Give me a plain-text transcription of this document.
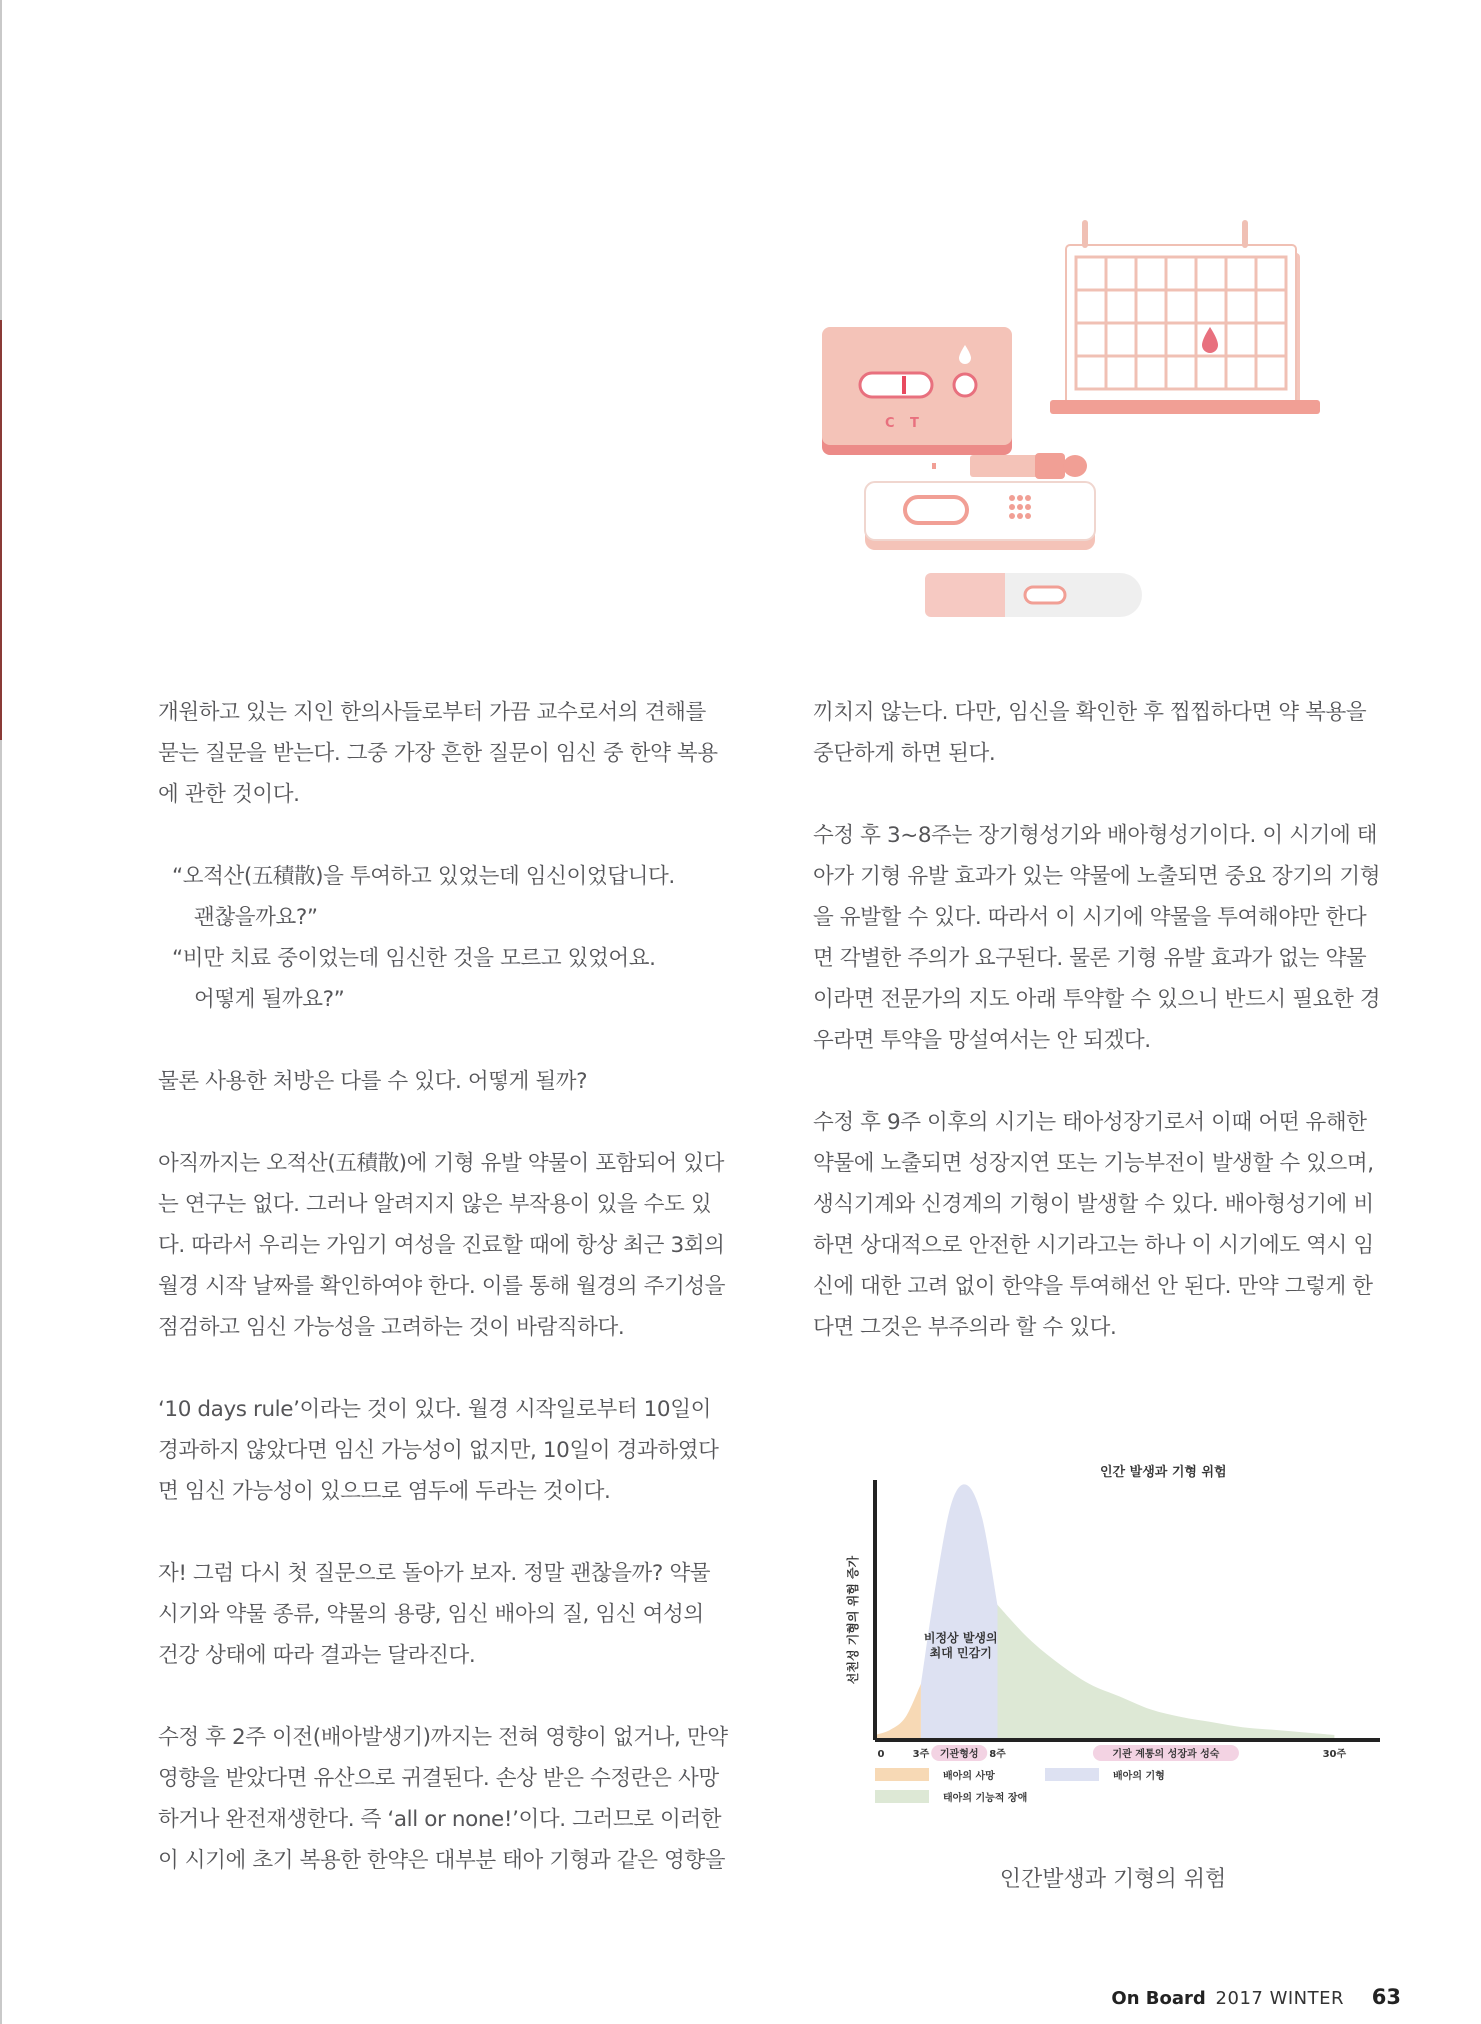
C T

개원하고 있는 지인 한의사들로부터 가끔 교수로서의 견해를

묻는 질문을 받는다. 그중 가장 흔한 질문이 임신 중 한약 복용

에 관한 것이다.

“오적산(五積散)을 투여하고 있었는데 임신이었답니다.

괜찮을까요?”

“비만 치료 중이었는데 임신한 것을 모르고 있었어요.

어떻게 될까요?”

물론 사용한 처방은 다를 수 있다. 어떻게 될까?

아직까지는 오적산(五積散)에 기형 유발 약물이 포함되어 있다

는 연구는 없다. 그러나 알려지지 않은 부작용이 있을 수도 있

다. 따라서 우리는 가임기 여성을 진료할 때에 항상 최근 3회의

월경 시작 날짜를 확인하여야 한다. 이를 통해 월경의 주기성을

점검하고 임신 가능성을 고려하는 것이 바람직하다.

‘10 days rule’이라는 것이 있다. 월경 시작일로부터 10일이

경과하지 않았다면 임신 가능성이 없지만, 10일이 경과하였다

면 임신 가능성이 있으므로 염두에 두라는 것이다.

자! 그럼 다시 첫 질문으로 돌아가 보자. 정말 괜찮을까? 약물

시기와 약물 종류, 약물의 용량, 임신 배아의 질, 임신 여성의

건강 상태에 따라 결과는 달라진다.

수정 후 2주 이전(배아발생기)까지는 전혀 영향이 없거나, 만약

영향을 받았다면 유산으로 귀결된다. 손상 받은 수정란은 사망

하거나 완전재생한다. 즉 ‘all or none!’이다. 그러므로 이러한

이 시기에 초기 복용한 한약은 대부분 태아 기형과 같은 영향을

끼치지 않는다. 다만, 임신을 확인한 후 찝찝하다면 약 복용을

중단하게 하면 된다.

수정 후 3~8주는 장기형성기와 배아형성기이다. 이 시기에 태

아가 기형 유발 효과가 있는 약물에 노출되면 중요 장기의 기형

을 유발할 수 있다. 따라서 이 시기에 약물을 투여해야만 한다

면 각별한 주의가 요구된다. 물론 기형 유발 효과가 없는 약물

이라면 전문가의 지도 아래 투약할 수 있으니 반드시 필요한 경

우라면 투약을 망설여서는 안 되겠다.

수정 후 9주 이후의 시기는 태아성장기로서 이때 어떤 유해한

약물에 노출되면 성장지연 또는 기능부전이 발생할 수 있으며,

생식기계와 신경계의 기형이 발생할 수 있다. 배아형성기에 비

하면 상대적으로 안전한 시기라고는 하나 이 시기에도 역시 임

신에 대한 고려 없이 한약을 투여해선 안 된다. 만약 그렇게 한

다면 그것은 부주의라 할 수 있다.

인간 발생과 기형 위험
선천성 기형의 위험 증가
0	3주	8주	30주
기관형성	기관 계통의 성장과 성숙
비정상 발생의
최대 민감기
배아의 사망	배아의 기형
태아의 기능적 장애
인간발생과 기형의 위험
On Board 2017 WINTER 63
